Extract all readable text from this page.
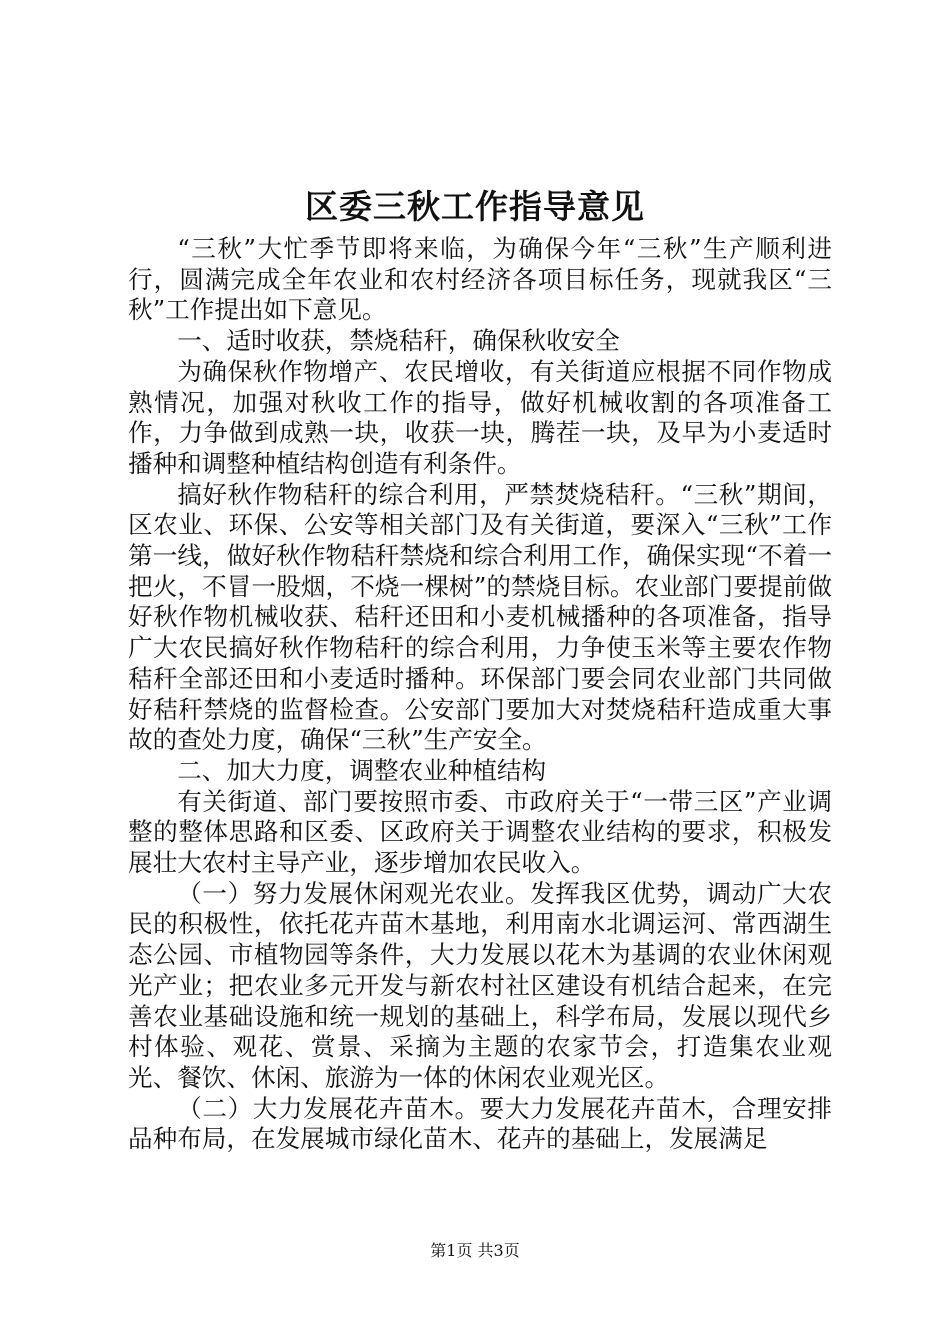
区委三秋工作指导意见

“三秋”大忙季节即将来临，为确保今年“三秋”生产顺利进行，圆满完成全年农业和农村经济各项目标任务，现就我区“三秋”工作提出如下意见。

一、适时收获，禁烧秸秆，确保秋收安全

为确保秋作物增产、农民增收，有关街道应根据不同作物成熟情况，加强对秋收工作的指导，做好机械收割的各项准备工作，力争做到成熟一块，收获一块，腾茬一块，及早为小麦适时播种和调整种植结构创造有利条件。

搞好秋作物秸秆的综合利用，严禁焚烧秸秆。“三秋”期间，区农业、环保、公安等相关部门及有关街道，要深入“三秋”工作第一线，做好秋作物秸秆禁烧和综合利用工作，确保实现“不着一把火，不冒一股烟，不烧一棵树”的禁烧目标。农业部门要提前做好秋作物机械收获、秸秆还田和小麦机械播种的各项准备，指导广大农民搞好秋作物秸秆的综合利用，力争使玉米等主要农作物秸秆全部还田和小麦适时播种。环保部门要会同农业部门共同做好秸秆禁烧的监督检查。公安部门要加大对焚烧秸秆造成重大事故的查处力度，确保“三秋”生产安全。

二、加大力度，调整农业种植结构

有关街道、部门要按照市委、市政府关于“一带三区”产业调整的整体思路和区委、区政府关于调整农业结构的要求，积极发展壮大农村主导产业，逐步增加农民收入。

（一）努力发展休闲观光农业。发挥我区优势，调动广大农民的积极性，依托花卉苗木基地，利用南水北调运河、常西湖生态公园、市植物园等条件，大力发展以花木为基调的农业休闲观光产业；把农业多元开发与新农村社区建设有机结合起来，在完善农业基础设施和统一规划的基础上，科学布局，发展以现代乡村体验、观花、赏景、采摘为主题的农家节会，打造集农业观光、餐饮、休闲、旅游为一体的休闲农业观光区。

（二）大力发展花卉苗木。要大力发展花卉苗木，合理安排品种布局，在发展城市绿化苗木、花卉的基础上，发展满足

第1页 共3页
